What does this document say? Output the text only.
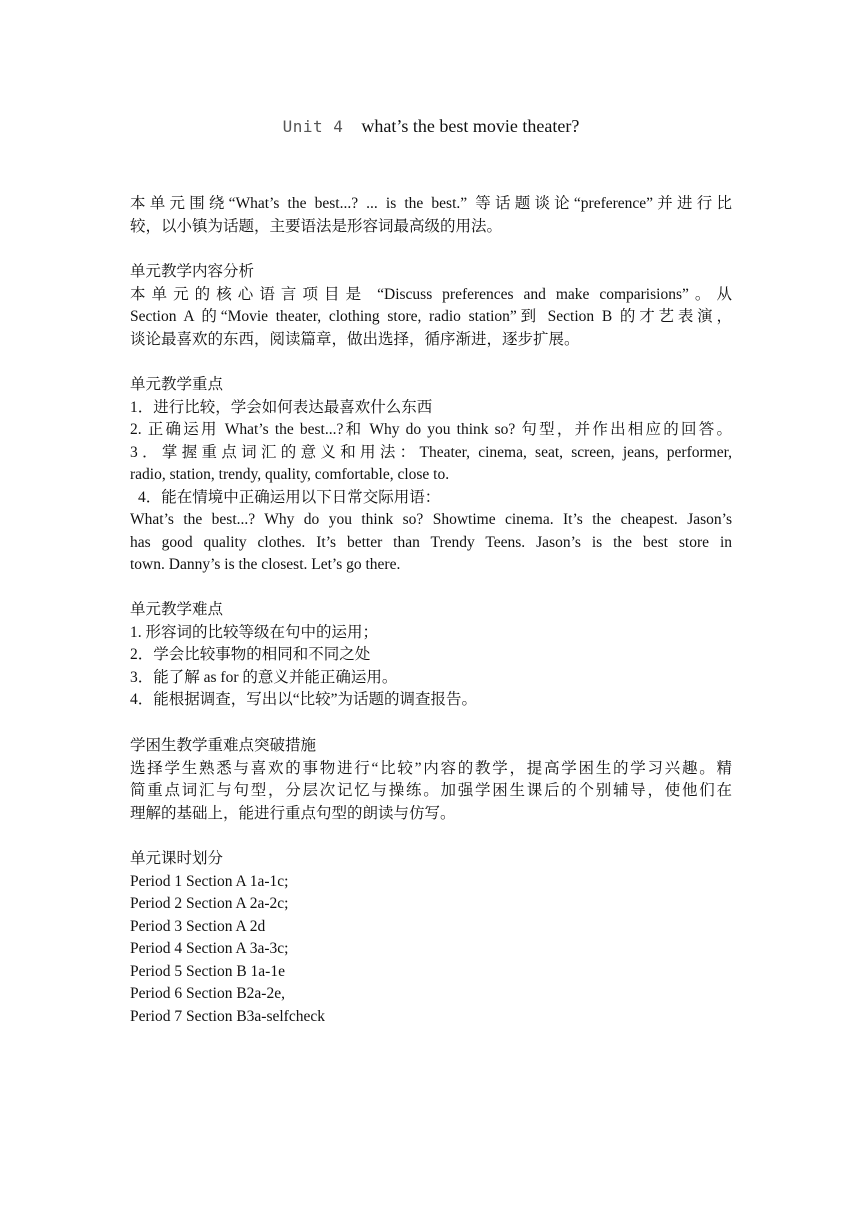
Unit 4 what’s the best movie theater?
本单元围绕“What’s the best...? ... is the best.” 等话题谈论“preference”并进行比
较，以小镇为话题，主要语法是形容词最高级的用法。
单元教学内容分析
本单元的核心语言项目是 “Discuss preferences and make comparisions”。从
Section A 的“Movie theater, clothing store, radio station”到 Section B 的才艺表演，
谈论最喜欢的东西，阅读篇章，做出选择，循序渐进，逐步扩展。
单元教学重点
1．进行比较，学会如何表达最喜欢什么东西
2. 正确运用 What’s the best...?和 Why do you think so? 句型，并作出相应的回答。
3．掌握重点词汇的意义和用法：Theater, cinema, seat, screen, jeans, performer,
radio, station, trendy, quality, comfortable, close to.
4．能在情境中正确运用以下日常交际用语：
What’s the best...? Why do you think so? Showtime cinema. It’s the cheapest. Jason’s
has good quality clothes. It’s better than Trendy Teens. Jason’s is the best store in
town. Danny’s is the closest. Let’s go there.
单元教学难点
1. 形容词的比较等级在句中的运用；
2．学会比较事物的相同和不同之处
3．能了解 as for 的意义并能正确运用。
4．能根据调查，写出以“比较”为话题的调查报告。
学困生教学重难点突破措施
选择学生熟悉与喜欢的事物进行“比较”内容的教学，提高学困生的学习兴趣。精
简重点词汇与句型，分层次记忆与操练。加强学困生课后的个别辅导，使他们在
理解的基础上，能进行重点句型的朗读与仿写。
单元课时划分
Period 1 Section A 1a-1c;
Period 2 Section A 2a-2c;
Period 3 Section A 2d
Period 4 Section A 3a-3c;
Period 5 Section B 1a-1e
Period 6 Section B2a-2e,
Period 7 Section B3a-selfcheck
